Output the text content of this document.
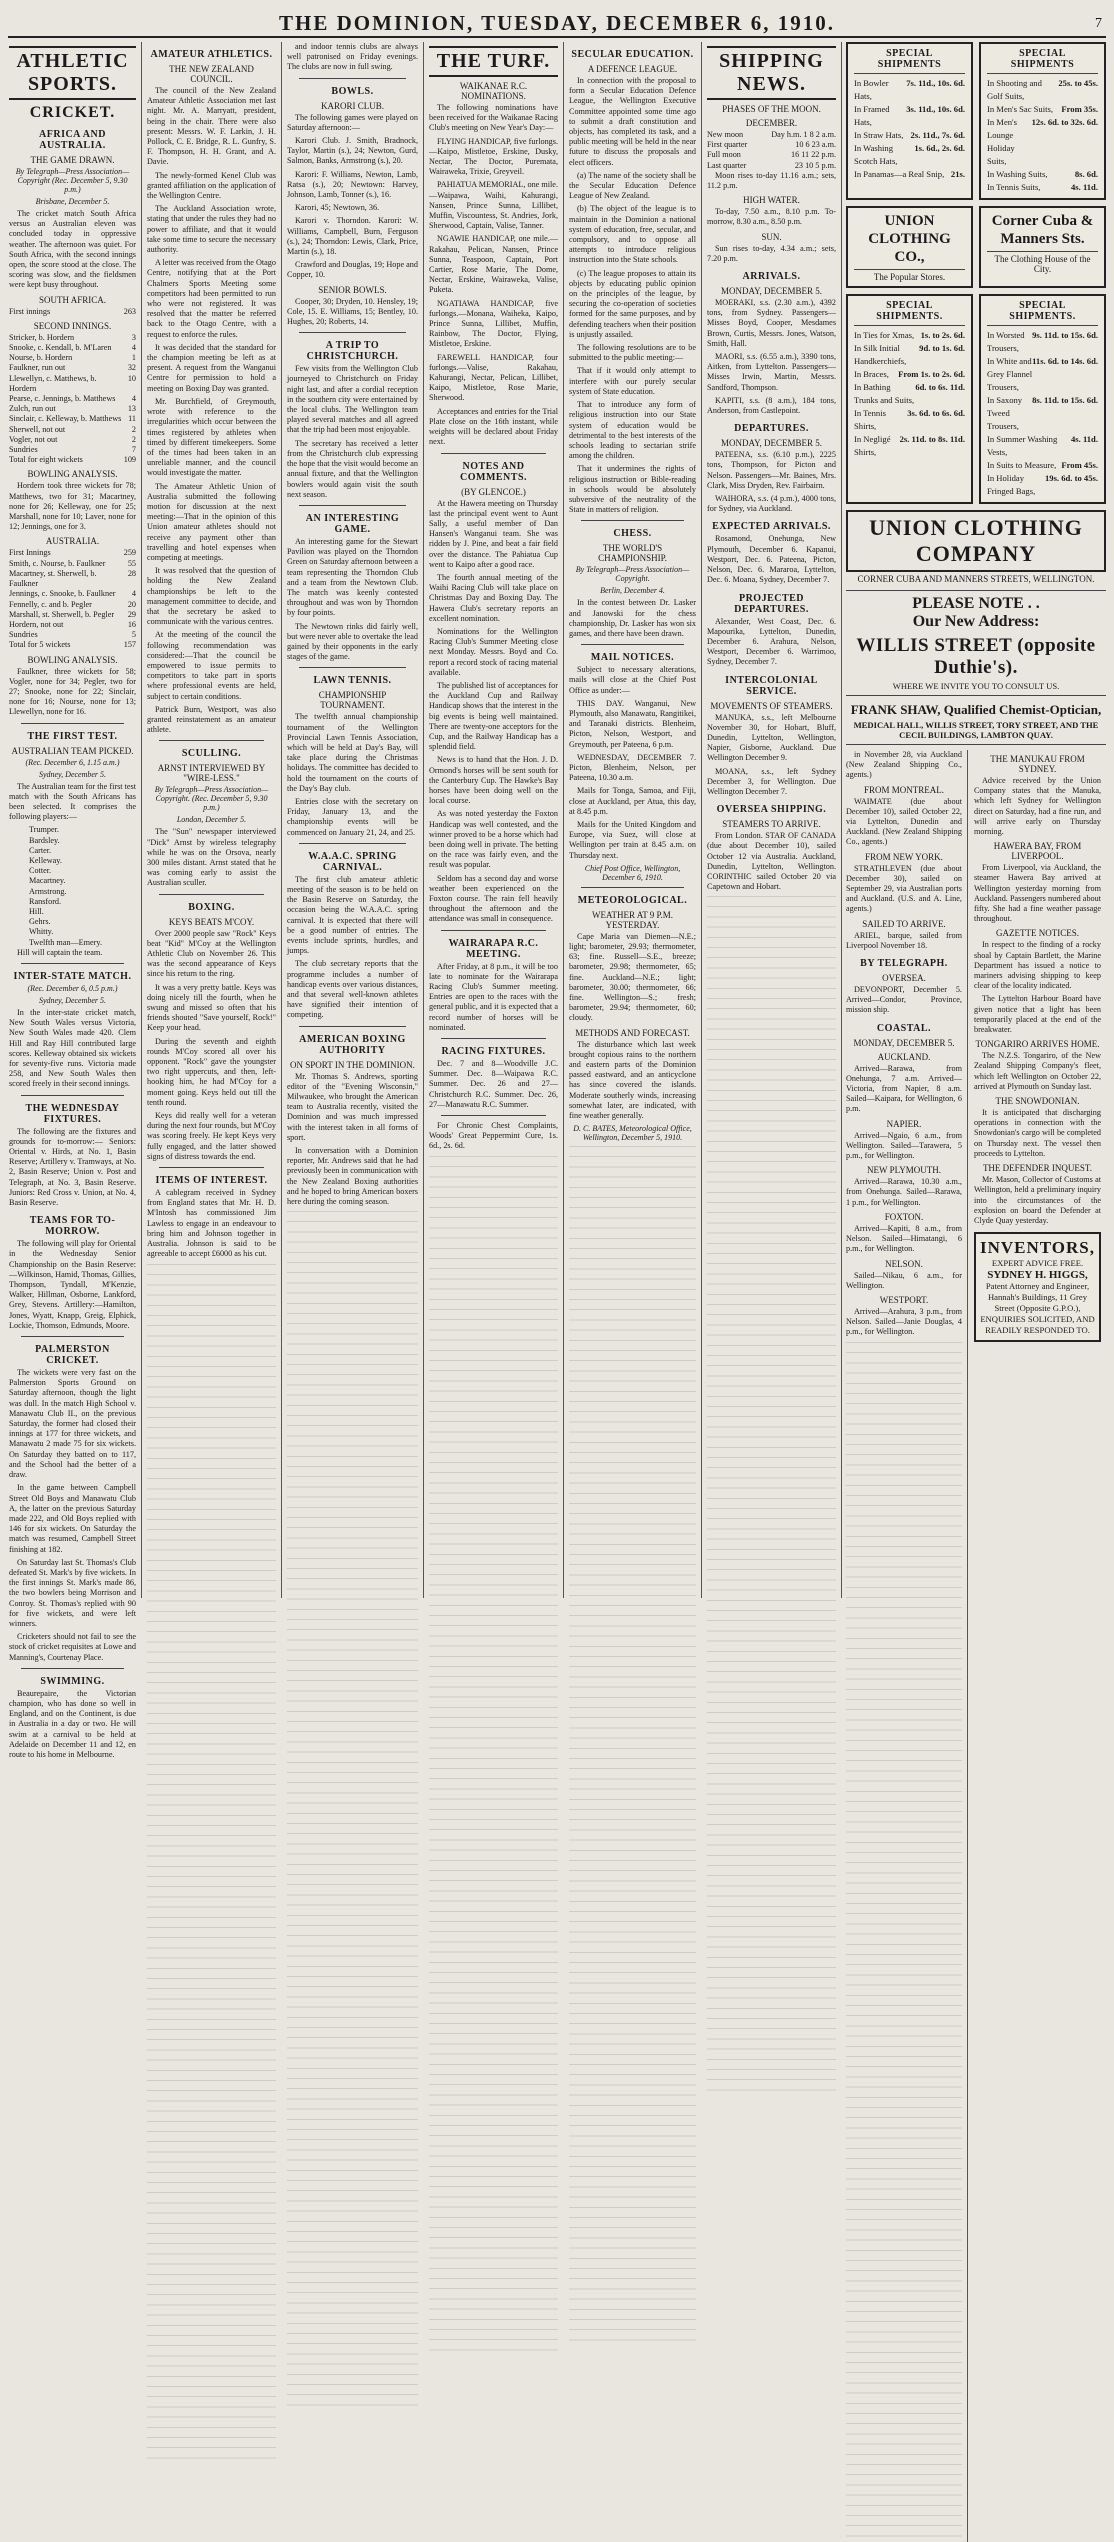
THE DOMINION, TUESDAY, DECEMBER 6, 1910.	7
ATHLETIC SPORTS.
CRICKET.
AFRICA AND AUSTRALIA.
THE GAME DRAWN.
By Telegraph—Press Association—Copyright (Rec. December 5, 9.30 p.m.)
Brisbane, December 5.

The cricket match South Africa versus an Australian eleven was concluded today in oppressive weather. The afternoon was quiet. For South Africa, with the second innings open, the score stood at the close. The scoring was slow, and the fieldsmen were kept busy throughout.

SOUTH AFRICA.
First innings	263
SECOND INNINGS.
Stricker, b. Hordern	3
Snooke, c. Kendall, b. M'Laren	4
Nourse, b. Hordern	1
Faulkner, run out	32
Llewellyn, c. Matthews, b. Hordern
10
Pearse, c. Jennings, b. Matthews	4
Zulch, run out	13
Sinclair, c. Kelleway, b. Matthews 11
Sherwell, not out	2
Vogler, not out	2
Sundries	7
Total for eight wickets	109
BOWLING ANALYSIS.

Hordern took three wickets for 78; Matthews, two for 31; Macartney, none for 26; Kelleway, one for 25; Marshall, none for 10; Laver, none for 12; Jennings, one for 3.

AUSTRALIA.
First Innings	259
Smith, c. Nourse, b. Faulkner	55
Macartney, st. Sherwell, b. Faulkner
28
Jennings, c. Snooke, b. Faulkner	4
Fennelly, c. and b. Pegler	20
Marshall, st. Sherwell, b. Pegler	29
Hordern, not out	16
Sundries	5
Total for 5 wickets	157
BOWLING ANALYSIS.

Faulkner, three wickets for 58; Vogler, none for 34; Pegler, two for 27; Snooke, none for 22; Sinclair, none for 16; Nourse, none for 13; Llewellyn, none for 16.

THE FIRST TEST.
AUSTRALIAN TEAM PICKED.
(Rec. December 6, 1.15 a.m.)
Sydney, December 5.

The Australian team for the first test match with the South Africans has been selected. It comprises the following players:—

Trumper.
Bardsley.
Carter.
Kelleway.
Cotter.
Macartney.
Armstrong.
Ransford.
Hill.
Gehrs.
Whitty.
Twelfth man—Emery.

Hill will captain the team.

INTER-STATE MATCH.
(Rec. December 6, 0.5 p.m.)
Sydney, December 5.

In the inter-state cricket match, New South Wales versus Victoria, New South Wales made 420. Clem Hill and Ray Hill contributed large scores. Kelleway obtained six wickets for seventy-five runs. Victoria made 258, and New South Wales then scored freely in their second innings.

THE WEDNESDAY FIXTURES.

The following are the fixtures and grounds for to-morrow:— Seniors: Oriental v. Hirds, at No. 1, Basin Reserve; Artillery v. Tramways, at No. 2, Basin Reserve; Union v. Post and Telegraph, at No. 3, Basin Reserve. Juniors: Red Cross v. Union, at No. 4, Basin Reserve.

TEAMS FOR TO-MORROW.

The following will play for Oriental in the Wednesday Senior Championship on the Basin Reserve:—Wilkinson, Hamid, Thomas, Gillies, Thompson, Tyndall, M'Kenzie, Walker, Hillman, Osborne, Lankford, Grey, Stevens. Artillery:—Hamilton, Jones, Wyatt, Knapp, Greig, Elphick, Lockie, Thomson, Edmunds, Moore.

PALMERSTON CRICKET.

The wickets were very fast on the Palmerston Sports Ground on Saturday afternoon, though the light was dull. In the match High School v. Manawatu Club II., on the previous Saturday, the former had closed their innings at 177 for three wickets, and Manawatu 2 made 75 for six wickets. On Saturday they batted on to 117, and the School had the better of a draw.

In the game between Campbell Street Old Boys and Manawatu Club A, the latter on the previous Saturday made 222, and Old Boys replied with 146 for six wickets. On Saturday the match was resumed, Campbell Street finishing at 182.

On Saturday last St. Thomas's Club defeated St. Mark's by five wickets. In the first innings St. Mark's made 86, the two bowlers being Morrison and Conroy. St. Thomas's replied with 90 for five wickets, and were left winners.

Cricketers should not fail to see the stock of cricket requisites at Lowe and Manning's, Courtenay Place.

SWIMMING.

Beaurepaire, the Victorian champion, who has done so well in England, and on the Continent, is due in Australia in a day or two. He will swim at a carnival to be held at Adelaide on December 11 and 12, en route to his home in Melbourne.

AMATEUR ATHLETICS.
THE NEW ZEALAND COUNCIL.

The council of the New Zealand Amateur Athletic Association met last night. Mr. A. Marryatt, president, being in the chair. There were also present: Messrs. W. F. Larkin, J. H. Pollock, C. E. Bridge, R. L. Gunfry, S. F. Thompson, H. H. Grant, and A. Davie.

The newly-formed Kenel Club was granted affiliation on the application of the Wellington Centre.

The Auckland Association wrote, stating that under the rules they had no power to affiliate, and that it would take some time to secure the necessary authority.

A letter was received from the Otago Centre, notifying that at the Port Chalmers Sports Meeting some competitors had been permitted to run who were not registered. It was resolved that the matter be referred back to the Otago Centre, with a request to enforce the rules.

It was decided that the standard for the champion meeting be left as at present. A request from the Wanganui Centre for permission to hold a meeting on Boxing Day was granted.

Mr. Burchfield, of Greymouth, wrote with reference to the irregularities which occur between the times registered by athletes when timed by different timekeepers. Some of the times had been taken in an unreliable manner, and the council would investigate the matter.

The Amateur Athletic Union of Australia submitted the following motion for discussion at the next meeting:—That in the opinion of this Union amateur athletes should not receive any payment other than travelling and hotel expenses when competing at meetings.

It was resolved that the question of holding the New Zealand championships be left to the management committee to decide, and that the secretary be asked to communicate with the various centres.

At the meeting of the council the following recommendation was considered:—That the council be empowered to issue permits to competitors to take part in sports where professional events are held, subject to certain conditions.

Patrick Burn, Westport, was also granted reinstatement as an amateur athlete.

SCULLING.
ARNST INTERVIEWED BY "WIRE-LESS."
By Telegraph—Press Association—Copyright. (Rec. December 5, 9.30 p.m.)
London, December 5.

The "Sun" newspaper interviewed "Dick" Arnst by wireless telegraphy while he was on the Orsova, nearly 300 miles distant. Arnst stated that he was coming early to assist the Australian sculler.

BOXING.
KEYS BEATS M'COY.

Over 2000 people saw "Rock" Keys beat "Kid" M'Coy at the Wellington Athletic Club on November 26. This was the second appearance of Keys since his return to the ring.

It was a very pretty battle. Keys was doing nicely till the fourth, when he swung and missed so often that his friends shouted "Save yourself, Rock!" Keep your head.

During the seventh and eighth rounds M'Coy scored all over his opponent. "Rock" gave the youngster two right uppercuts, and then, left-hooking him, he had M'Coy for a moment going. Keys held out till the tenth round.

Keys did really well for a veteran during the next four rounds, but M'Coy was scoring freely. He kept Keys very fully engaged, and the latter showed signs of distress towards the end.

ITEMS OF INTEREST.

A cablegram received in Sydney from England states that Mr. H. D. M'Intosh has commissioned Jim Lawless to engage in an endeavour to bring him and Johnson together in Australia. Johnson is said to be agreeable to accept £6000 as his cut.

and indoor tennis clubs are always well patronised on Friday evenings. The clubs are now in full swing.

BOWLS.
KARORI CLUB.

The following games were played on Saturday afternoon:—

Karori Club. J. Smith, Bradnock, Taylor, Martin (s.), 24; Newton, Gurd, Salmon, Banks, Armstrong (s.), 20.

Karori: F. Williams, Newton, Lamb, Ratsa (s.), 20; Newtown: Harvey, Johnson, Lamb, Tonner (s.), 16.

Karori, 45; Newtown, 36.

Karori v. Thorndon. Karori: W. Williams, Campbell, Burn, Ferguson (s.), 24; Thorndon: Lewis, Clark, Price, Martin (s.), 18.

Crawford and Douglas, 19; Hope and Copper, 10.

SENIOR BOWLS.

Cooper, 30; Dryden, 10. Hensley, 19; Cole, 15. E. Williams, 15; Bentley, 10. Hughes, 20; Roberts, 14.

A TRIP TO CHRISTCHURCH.

Few visits from the Wellington Club journeyed to Christchurch on Friday night last, and after a cordial reception in the southern city were entertained by the local clubs. The Wellington team played several matches and all agreed that the trip had been most enjoyable.

The secretary has received a letter from the Christchurch club expressing the hope that the visit would become an annual fixture, and that the Wellington bowlers would again visit the south next season.

AN INTERESTING GAME.

An interesting game for the Stewart Pavilion was played on the Thorndon Green on Saturday afternoon between a team representing the Thorndon Club and a team from the Newtown Club. The match was keenly contested throughout and was won by Thorndon by four points.

The Newtown rinks did fairly well, but were never able to overtake the lead gained by their opponents in the early stages of the game.

LAWN TENNIS.
CHAMPIONSHIP TOURNAMENT.

The twelfth annual championship tournament of the Wellington Provincial Lawn Tennis Association, which will be held at Day's Bay, will take place during the Christmas holidays. The committee has decided to hold the tournament on the courts of the Day's Bay club.

Entries close with the secretary on Friday, January 13, and the championship events will be commenced on January 21, 24, and 25.

W.A.A.C. SPRING CARNIVAL.

The first club amateur athletic meeting of the season is to be held on the Basin Reserve on Saturday, the occasion being the W.A.A.C. spring carnival. It is expected that there will be a good number of entries. The events include sprints, hurdles, and jumps.

The club secretary reports that the programme includes a number of handicap events over various distances, and that several well-known athletes have signified their intention of competing.

AMERICAN BOXING AUTHORITY
ON SPORT IN THE DOMINION.

Mr. Thomas S. Andrews, sporting editor of the "Evening Wisconsin," Milwaukee, who brought the American team to Australia recently, visited the Dominion and was much impressed with the interest taken in all forms of sport.

In conversation with a Dominion reporter, Mr. Andrews said that he had previously been in communication with the New Zealand Boxing authorities and he hoped to bring American boxers here during the coming season.

THE TURF.
WAIKANAE R.C. NOMINATIONS.

The following nominations have been received for the Waikanae Racing Club's meeting on New Year's Day:—

FLYING HANDICAP, five furlongs.—Kaipo, Mistletoe, Erskine, Dusky, Nectar, The Doctor, Puremata, Wairaweka, Trixie, Greyveil.

PAHIATUA MEMORIAL, one mile.—Waipawa, Waihi, Kahurangi, Nansen, Prince Sunna, Lillibet, Muffin, Viscountess, St. Andries, Jork, Sherwood, Captain, Valise, Tanner.

NGAWIE HANDICAP, one mile.—Rakahau, Pelican, Nansen, Prince Sunna, Teaspoon, Captain, Port Cartier, Rose Marie, The Dome, Nectar, Erskine, Wairaweka, Valise, Puketa.

NGATIAWA HANDICAP, five furlongs.—Monana, Waiheka, Kaipo, Prince Sunna, Lillibet, Muffin, Rainbow, The Doctor, Flying, Mistletoe, Erskine.

FAREWELL HANDICAP, four furlongs.—Valise, Rakahau, Kahurangi, Nectar, Pelican, Lillibet, Kaipo, Mistletoe, Rose Marie, Sherwood.

Acceptances and entries for the Trial Plate close on the 16th instant, while weights will be declared about Friday next.

NOTES AND COMMENTS.
(BY GLENCOE.)

At the Hawera meeting on Thursday last the principal event went to Aunt Sally, a useful member of Dan Hansen's Wanganui team. She was ridden by J. Pine, and beat a fair field over the distance. The Pahiatua Cup went to Kaipo after a good race.

The fourth annual meeting of the Waihi Racing Club will take place on Christmas Day and Boxing Day. The Hawera Club's secretary reports an excellent nomination.

Nominations for the Wellington Racing Club's Summer Meeting close next Monday. Messrs. Boyd and Co. report a record stock of racing material available.

The published list of acceptances for the Auckland Cup and Railway Handicap shows that the interest in the big events is being well maintained. There are twenty-one acceptors for the Cup, and the Railway Handicap has a splendid field.

News is to hand that the Hon. J. D. Ormond's horses will be sent south for the Canterbury Cup. The Hawke's Bay horses have been doing well on the local course.

As was noted yesterday the Foxton Handicap was well contested, and the winner proved to be a horse which had been doing well in private. The betting on the race was fairly even, and the result was popular.

Seldom has a second day and worse weather been experienced on the Foxton course. The rain fell heavily throughout the afternoon and the attendance was small in consequence.

WAIRARAPA R.C. MEETING.

After Friday, at 8 p.m., it will be too late to nominate for the Wairarapa Racing Club's Summer meeting. Entries are open to the races with the general public, and it is expected that a record number of horses will be nominated.

RACING FIXTURES.

Dec. 7 and 8—Woodville J.C. Summer. Dec. 8—Waipawa R.C. Summer. Dec. 26 and 27—Christchurch R.C. Summer. Dec. 26, 27—Manawatu R.C. Summer.

For Chronic Chest Complaints, Woods' Great Peppermint Cure, 1s. 6d., 2s. 6d.

SECULAR EDUCATION.
A DEFENCE LEAGUE.

In connection with the proposal to form a Secular Education Defence League, the Wellington Executive Committee appointed some time ago to submit a draft constitution and objects, has completed its task, and a public meeting will be held in the near future to discuss the proposals and elect officers.

(a) The name of the society shall be the Secular Education Defence League of New Zealand.

(b) The object of the league is to maintain in the Dominion a national system of education, free, secular, and compulsory, and to oppose all attempts to introduce religious instruction into the State schools.

(c) The league proposes to attain its objects by educating public opinion on the principles of the league, by securing the co-operation of societies formed for the same purposes, and by defending teachers when their position is unjustly assailed.

The following resolutions are to be submitted to the public meeting:—

That if it would only attempt to interfere with our purely secular system of State education.

That to introduce any form of religious instruction into our State system of education would be detrimental to the best interests of the schools leading to sectarian strife among the children.

That it undermines the rights of religious instruction or Bible-reading in schools would be absolutely subversive of the neutrality of the State in matters of religion.

CHESS.
THE WORLD'S CHAMPIONSHIP.
By Telegraph—Press Association—Copyright.
Berlin, December 4.

In the contest between Dr. Lasker and Janowski for the chess championship, Dr. Lasker has won six games, and there have been drawn.

MAIL NOTICES.

Subject to necessary alterations, mails will close at the Chief Post Office as under:—

THIS DAY. Wanganui, New Plymouth, also Manawatu, Rangitikei, and Taranaki districts. Blenheim, Picton, Nelson, Westport, and Greymouth, per Pateena, 6 p.m.

WEDNESDAY, DECEMBER 7. Picton, Blenheim, Nelson, per Pateena, 10.30 a.m.

Mails for Tonga, Samoa, and Fiji, close at Auckland, per Atua, this day, at 8.45 p.m.

Mails for the United Kingdom and Europe, via Suez, will close at Wellington per train at 8.45 a.m. on Thursday next.

Chief Post Office, Wellington, December 6, 1910.
METEOROLOGICAL.
WEATHER AT 9 P.M. YESTERDAY.

Cape Maria van Diemen—N.E.; light; barometer, 29.93; thermometer, 63; fine. Russell—S.E., breeze; barometer, 29.98; thermometer, 65; fine. Auckland—N.E.; light; barometer, 30.00; thermometer, 66; fine. Wellington—S.; fresh; barometer, 29.94; thermometer, 60; cloudy.

METHODS AND FORECAST.

The disturbance which last week brought copious rains to the northern and eastern parts of the Dominion passed eastward, and an anticyclone has since covered the islands. Moderate southerly winds, increasing somewhat later, are indicated, with fine weather generally.

D. C. BATES, Meteorological Office, Wellington, December 5, 1910.
SHIPPING NEWS.
PHASES OF THE MOON.
DECEMBER.
New moon	Day h.m. 1 8 2 a.m.
First quarter	10 6 23 a.m.
Full moon	16 11 22 p.m.
Last quarter	23 10 5 p.m.

Moon rises to-day 11.16 a.m.; sets, 11.2 p.m.

HIGH WATER.

To-day, 7.50 a.m., 8.10 p.m. To-morrow, 8.30 a.m., 8.50 p.m.

SUN.

Sun rises to-day, 4.34 a.m.; sets, 7.20 p.m.

ARRIVALS.
MONDAY, DECEMBER 5.

MOERAKI, s.s. (2.30 a.m.), 4392 tons, from Sydney. Passengers—Misses Boyd, Cooper, Mesdames Brown, Curtis, Messrs. Jones, Watson, Smith, Hall.

MAORI, s.s. (6.55 a.m.), 3390 tons, Aitken, from Lyttelton. Passengers—Misses Irwin, Martin, Messrs. Sandford, Thompson.

KAPITI, s.s. (8 a.m.), 184 tons, Anderson, from Castlepoint.

DEPARTURES.
MONDAY, DECEMBER 5.

PATEENA, s.s. (6.10 p.m.), 2225 tons, Thompson, for Picton and Nelson. Passengers—Mr. Baines, Mrs. Clark, Miss Dryden, Rev. Fairbairn.

WAIHORA, s.s. (4 p.m.), 4000 tons, for Sydney, via Auckland.

EXPECTED ARRIVALS.

Rosamond, Onehunga, New Plymouth, December 6. Kapanui, Westport, Dec. 6. Pateena, Picton, Nelson, Dec. 6. Mararoa, Lyttelton, Dec. 6. Moana, Sydney, December 7.

PROJECTED DEPARTURES.

Alexander, West Coast, Dec. 6. Mapourika, Lyttelton, Dunedin, December 6. Arahura, Nelson, Westport, December 6. Warrimoo, Sydney, December 7.

INTERCOLONIAL SERVICE.
MOVEMENTS OF STEAMERS.

MANUKA, s.s., left Melbourne November 30, for Hobart, Bluff, Dunedin, Lyttelton, Wellington, Napier, Gisborne, Auckland. Due Wellington December 9.

MOANA, s.s., left Sydney December 3, for Wellington. Due Wellington December 7.

OVERSEA SHIPPING.
STEAMERS TO ARRIVE.

From London. STAR OF CANADA (due about December 10), sailed October 12 via Australia. Auckland, Dunedin, Lyttelton, Wellington. CORINTHIC sailed October 20 via Capetown and Hobart.

SPECIAL SHIPMENTS
In Bowler Hats,
7s. 11d., 10s. 6d.
In Framed Hats,
3s. 11d., 10s. 6d.
In Straw Hats, 2s. 11d., 7s. 6d.
In Washing Scotch Hats,
1s. 6d., 2s. 6d.
In Panamas—a Real Snip, 21s.
SPECIAL SHIPMENTS
In Shooting and Golf Suits,
25s. to 45s.
In Men's Sac Suits, From 35s.
In Men's Lounge Holiday Suits,
12s. 6d. to 32s. 6d.
In Washing Suits,	8s. 6d.
In Tennis Suits,	4s. 11d.
UNION CLOTHING CO.,
The Popular Stores.
Corner Cuba & Manners Sts.
The Clothing House of the City.
SPECIAL SHIPMENTS.
In Ties for Xmas, 1s. to 2s. 6d.
In Silk Initial Handkerchiefs,
9d. to 1s. 6d.
In Braces, From 1s. to 2s. 6d.
In Bathing Trunks and Suits,
6d. to 6s. 11d.
In Tennis Shirts,
3s. 6d. to 6s. 6d.
In Negligé Shirts,
2s. 11d. to 8s. 11d.
SPECIAL SHIPMENTS.
In Worsted Trousers,
9s. 11d. to 15s. 6d.
In White and Grey Flannel Trousers,
11s. 6d. to 14s. 6d.
In Saxony Tweed Trousers,
8s. 11d. to 15s. 6d.
In Summer Washing Vests,
4s. 11d.
In Suits to Measure, From 45s.
In Holiday Fringed Bags,
19s. 6d. to 45s.
UNION CLOTHING COMPANY
CORNER CUBA AND MANNERS STREETS, WELLINGTON.
PLEASE NOTE . .
Our New Address:
WILLIS STREET (opposite Duthie's).
WHERE WE INVITE YOU TO CONSULT US.
FRANK SHAW, Qualified Chemist-Optician,
MEDICAL HALL, WILLIS STREET, TORY STREET, AND THE CECIL BUILDINGS, LAMBTON QUAY.

in November 28, via Auckland (New Zealand Shipping Co., agents.)

FROM MONTREAL.

WAIMATE (due about December 10), sailed October 22, via Lyttelton, Dunedin and Auckland. (New Zealand Shipping Co., agents.)

FROM NEW YORK.

STRATHLEVEN (due about December 30), sailed on September 29, via Australian ports and Auckland. (U.S. and A. Line, agents.)

SAILED TO ARRIVE.

ARIEL, barque, sailed from Liverpool November 18.

BY TELEGRAPH.
OVERSEA.

DEVONPORT, December 5. Arrived—Condor, Province, mission ship.

COASTAL.
MONDAY, DECEMBER 5.
AUCKLAND.

Arrived—Rarawa, from Onehunga, 7 a.m. Arrived—Victoria, from Napier, 8 a.m. Sailed—Kaipara, for Wellington, 6 p.m.

NAPIER.

Arrived—Ngaio, 6 a.m., from Wellington. Sailed—Tarawera, 5 p.m., for Wellington.

NEW PLYMOUTH.

Arrived—Rarawa, 10.30 a.m., from Onehunga. Sailed—Rarawa, 1 p.m., for Wellington.

FOXTON.

Arrived—Kapiti, 8 a.m., from Nelson. Sailed—Himatangi, 6 p.m., for Wellington.

NELSON.

Sailed—Nikau, 6 a.m., for Wellington.

WESTPORT.

Arrived—Arahura, 3 p.m., from Nelson. Sailed—Janie Douglas, 4 p.m., for Wellington.

THE MANUKAU FROM SYDNEY.

Advice received by the Union Company states that the Manuka, which left Sydney for Wellington direct on Saturday, had a fine run, and will arrive early on Thursday morning.

HAWERA BAY, FROM LIVERPOOL.

From Liverpool, via Auckland, the steamer Hawera Bay arrived at Wellington yesterday morning from Auckland. Passengers numbered about fifty. She had a fine weather passage throughout.

GAZETTE NOTICES.

In respect to the finding of a rocky shoal by Captain Bartlett, the Marine Department has issued a notice to mariners advising shipping to keep clear of the locality indicated.

The Lyttelton Harbour Board have given notice that a light has been temporarily placed at the end of the breakwater.

TONGARIRO ARRIVES HOME.

The N.Z.S. Tongariro, of the New Zealand Shipping Company's fleet, which left Wellington on October 22, arrived at Plymouth on Sunday last.

THE SNOWDONIAN.

It is anticipated that discharging operations in connection with the Snowdonian's cargo will be completed on Thursday next. The vessel then proceeds to Lyttelton.

THE DEFENDER INQUEST.

Mr. Mason, Collector of Customs at Wellington, held a preliminary inquiry into the circumstances of the explosion on board the Defender at Clyde Quay yesterday.

INVENTORS,
EXPERT ADVICE FREE.
SYDNEY H. HIGGS,
Patent Attorney and Engineer, Hannah's Buildings, 11 Grey Street (Opposite G.P.O.),
ENQUIRIES SOLICITED, AND READILY RESPONDED TO.
